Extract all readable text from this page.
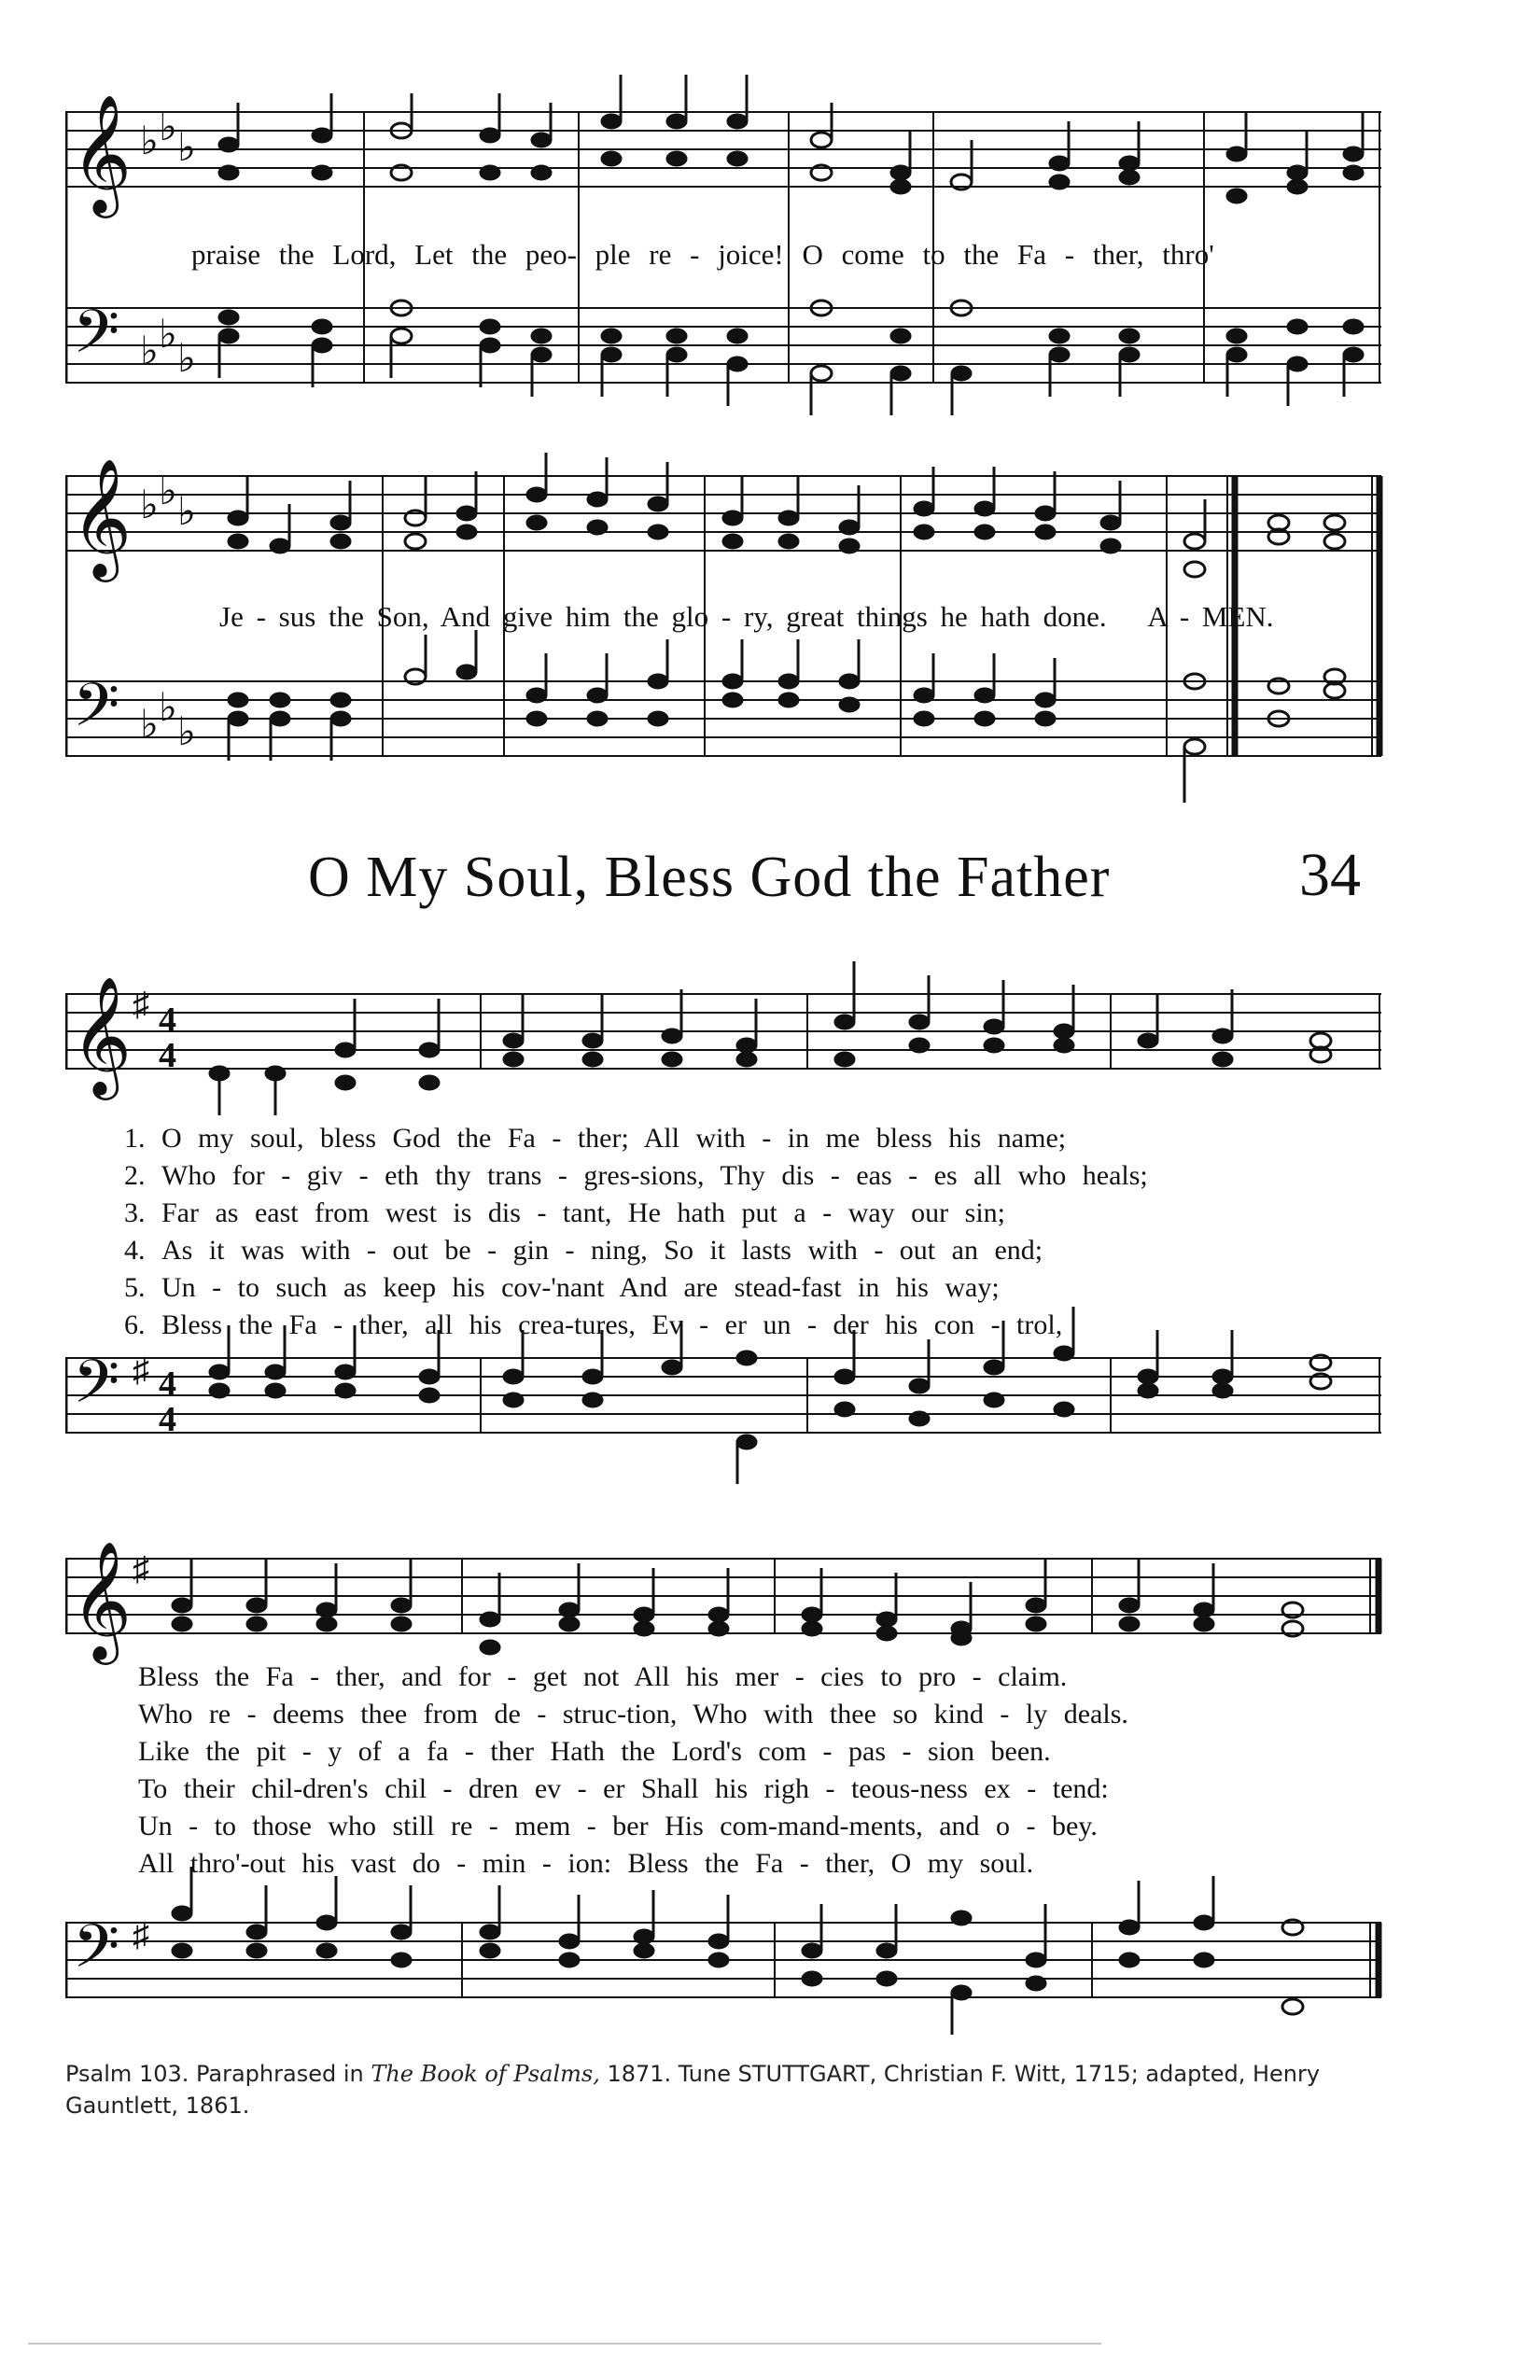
𝄞
𝄢
♭ ♭ ♭
♭ ♭
♭
praise the Lord, Let the peo- ple re - joice! O come to the Fa - ther, thro'
𝄞
𝄢
♭ ♭ ♭
♭ ♭
♭
Je - sus the Son, And give him the glo - ry, great things he hath done. A - MEN.
O My Soul, Bless God the Father	34
𝄞
𝄢
♯
♯
4
4
4
4
1. O my soul, bless God the Fa - ther; All with - in me bless his name;
2. Who for - giv - eth thy trans - gres-sions, Thy dis - eas - es all who heals;
3. Far as east from west is dis - tant, He hath put a - way our sin;
4. As it was with - out be - gin - ning, So it lasts with - out an end;
5. Un - to such as keep his cov-'nant And are stead-fast in his way;
6. Bless the Fa - ther, all his crea-tures, Ev - er un - der his con - trol,
𝄞
𝄢
♯
♯
Bless the Fa - ther, and for - get not All his mer - cies to pro - claim.
Who re - deems thee from de - struc-tion, Who with thee so kind - ly deals.
Like the pit - y of a fa - ther Hath the Lord's com - pas - sion been.
To their chil-dren's chil - dren ev - er Shall his righ - teous-ness ex - tend:
Un - to those who still re - mem - ber His com-mand-ments, and o - bey.
All thro'-out his vast do - min - ion: Bless the Fa - ther, O my soul.
Psalm 103. Paraphrased in The Book of Psalms, 1871. Tune STUTTGART, Christian F. Witt, 1715; adapted, Henry Gauntlett, 1861.
